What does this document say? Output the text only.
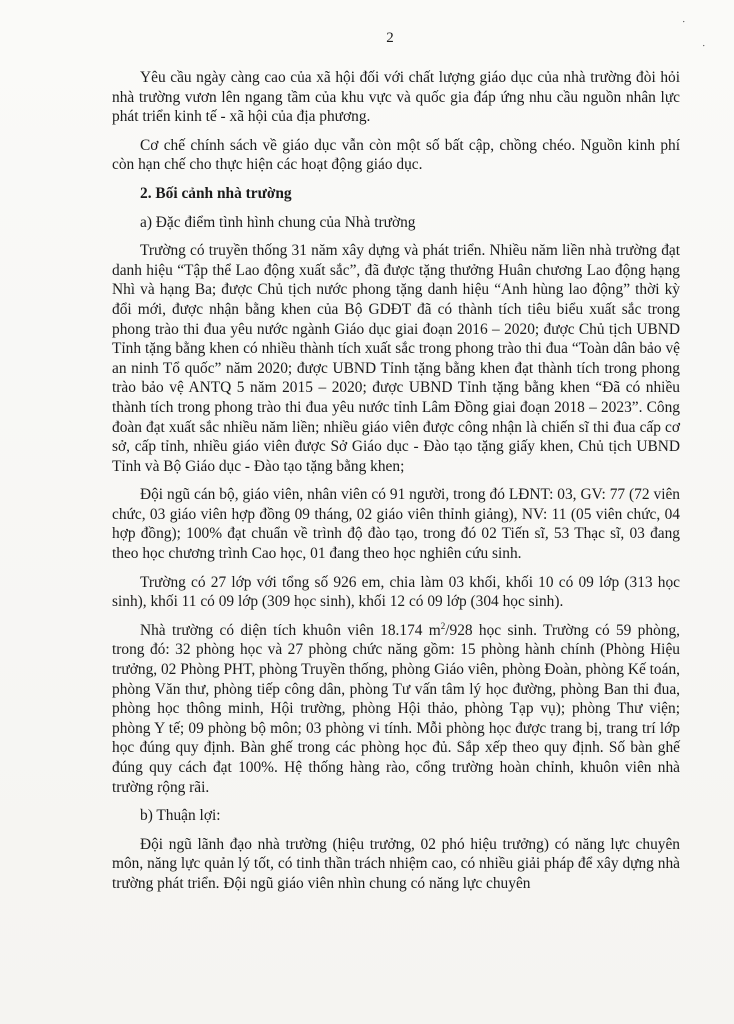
⋅
⋅
2

Yêu cầu ngày càng cao của xã hội đối với chất lượng giáo dục của nhà trường đòi hỏi nhà trường vươn lên ngang tầm của khu vực và quốc gia đáp ứng nhu cầu nguồn nhân lực phát triển kinh tế - xã hội của địa phương.

Cơ chế chính sách về giáo dục vẫn còn một số bất cập, chồng chéo. Nguồn kinh phí còn hạn chế cho thực hiện các hoạt động giáo dục.

2. Bối cảnh nhà trường

a) Đặc điểm tình hình chung của Nhà trường

Trường có truyền thống 31 năm xây dựng và phát triển. Nhiều năm liền nhà trường đạt danh hiệu “Tập thể Lao động xuất sắc”, đã được tặng thưởng Huân chương Lao động hạng Nhì và hạng Ba; được Chủ tịch nước phong tặng danh hiệu “Anh hùng lao động” thời kỳ đổi mới, được nhận bằng khen của Bộ GDĐT đã có thành tích tiêu biểu xuất sắc trong phong trào thi đua yêu nước ngành Giáo dục giai đoạn 2016 – 2020; được Chủ tịch UBND Tỉnh tặng bằng khen có nhiều thành tích xuất sắc trong phong trào thi đua “Toàn dân bảo vệ an ninh Tổ quốc” năm 2020; được UBND Tỉnh tặng bằng khen đạt thành tích trong phong trào bảo vệ ANTQ 5 năm 2015 – 2020; được UBND Tỉnh tặng bằng khen “Đã có nhiều thành tích trong phong trào thi đua yêu nước tỉnh Lâm Đồng giai đoạn 2018 – 2023”. Công đoàn đạt xuất sắc nhiều năm liền; nhiều giáo viên được công nhận là chiến sĩ thi đua cấp cơ sở, cấp tỉnh, nhiều giáo viên được Sở Giáo dục - Đào tạo tặng giấy khen, Chủ tịch UBND Tỉnh và Bộ Giáo dục - Đào tạo tặng bằng khen;

Đội ngũ cán bộ, giáo viên, nhân viên có 91 người, trong đó LĐNT: 03, GV: 77 (72 viên chức, 03 giáo viên hợp đồng 09 tháng, 02 giáo viên thỉnh giảng), NV: 11 (05 viên chức, 04 hợp đồng); 100% đạt chuẩn về trình độ đào tạo, trong đó 02 Tiến sĩ, 53 Thạc sĩ, 03 đang theo học chương trình Cao học, 01 đang theo học nghiên cứu sinh.

Trường có 27 lớp với tổng số 926 em, chia làm 03 khối, khối 10 có 09 lớp (313 học sinh), khối 11 có 09 lớp (309 học sinh), khối 12 có 09 lớp (304 học sinh).

Nhà trường có diện tích khuôn viên 18.174 $m^2/928$ học sinh. Trường có 59 phòng, trong đó: 32 phòng học và 27 phòng chức năng gồm: 15 phòng hành chính (Phòng Hiệu trưởng, 02 Phòng PHT, phòng Truyền thống, phòng Giáo viên, phòng Đoàn, phòng Kế toán, phòng Văn thư, phòng tiếp công dân, phòng Tư vấn tâm lý học đường, phòng Ban thi đua, phòng học thông minh, Hội trường, phòng Hội thảo, phòng Tạp vụ); phòng Thư viện; phòng Y tế; 09 phòng bộ môn; 03 phòng vi tính. Mỗi phòng học được trang bị, trang trí lớp học đúng quy định. Bàn ghế trong các phòng học đủ. Sắp xếp theo quy định. Số bàn ghế đúng quy cách đạt 100%. Hệ thống hàng rào, cổng trường hoàn chỉnh, khuôn viên nhà trường rộng rãi.

b) Thuận lợi:

Đội ngũ lãnh đạo nhà trường (hiệu trưởng, 02 phó hiệu trưởng) có năng lực chuyên môn, năng lực quản lý tốt, có tinh thần trách nhiệm cao, có nhiều giải pháp để xây dựng nhà trường phát triển. Đội ngũ giáo viên nhìn chung có năng lực chuyên
